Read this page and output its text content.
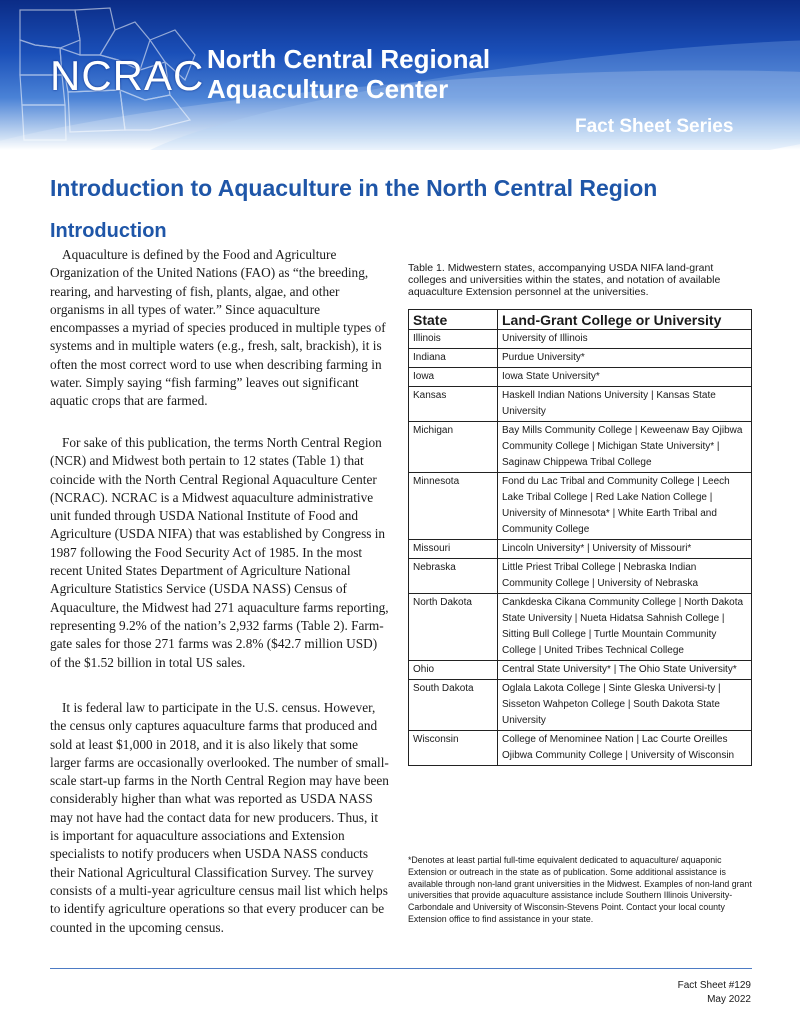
NCRAC North Central Regional
Aquaculture Center
Fact Sheet Series
Introduction to Aquaculture in the North Central Region
Introduction

Aquaculture is defined by the Food and Agriculture Organization of the United Nations (FAO) as “the breeding, rearing, and harvesting of fish, plants, algae, and other organisms in all types of water.” Since aquaculture encompasses a myriad of species produced in multiple types of systems and in multiple waters (e.g., fresh, salt, brackish), it is often the most correct word to use when describing farming in water. Simply saying “fish farming” leaves out significant aquatic crops that are farmed.

For sake of this publication, the terms North Central Region (NCR) and Midwest both pertain to 12 states (Table 1) that coincide with the North Central Regional Aquaculture Center (NCRAC). NCRAC is a Midwest aquaculture administrative unit funded through USDA National Institute of Food and Agriculture (USDA NIFA) that was established by Congress in 1987 following the Food Security Act of 1985. In the most recent United States Department of Agriculture National Agriculture Statistics Service (USDA NASS) Census of Aquaculture, the Midwest had 271 aquaculture farms reporting, representing 9.2% of the nation’s 2,932 farms (Table 2). Farm-gate sales for those 271 farms was 2.8% ($42.7 million USD) of the $1.52 billion in total US sales.

It is federal law to participate in the U.S. census. However, the census only captures aquaculture farms that produced and sold at least $1,000 in 2018, and it is also likely that some larger farms are occasionally overlooked. The number of small-scale start-up farms in the North Central Region may have been considerably higher than what was reported as USDA NASS may not have had the contact data for new producers. Thus, it is important for aquaculture associations and Extension specialists to notify producers when USDA NASS conducts their National Agricultural Classification Survey. The survey consists of a multi-year agriculture census mail list which helps to identify agriculture operations so that every producer can be counted in the upcoming census.

Table 1. Midwestern states, accompanying USDA NIFA land-grant colleges and universities within the states, and notation of available aquaculture Extension personnel at the universities.
State	Land-Grant College or University
Illinois	University of Illinois
Indiana	Purdue University*
Iowa	Iowa State University*
Kansas	Haskell Indian Nations University | Kansas State University
Michigan	Bay Mills Community College | Keweenaw Bay Ojibwa Community College | Michigan State University* | Saginaw Chippewa Tribal College
Minnesota	Fond du Lac Tribal and Community College | Leech Lake Tribal College | Red Lake Nation College | University of Minnesota* | White Earth Tribal and Community College
Missouri	Lincoln University* | University of Missouri*
Nebraska	Little Priest Tribal College | Nebraska Indian Community College | University of Nebraska
North Dakota	Cankdeska Cikana Community College | North Dakota State University | Nueta Hidatsa Sahnish College | Sitting Bull College | Turtle Mountain Community College | United Tribes Technical College
Ohio	Central State University* | The Ohio State University*
South Dakota	Oglala Lakota College | Sinte Gleska Universi-ty | Sisseton Wahpeton College | South Dakota State University
Wisconsin	College of Menominee Nation | Lac Courte Oreilles Ojibwa Community College | University of Wisconsin
*Denotes at least partial full-time equivalent dedicated to aquaculture/ aquaponic Extension or outreach in the state as of publication. Some additional assistance is available through non-land grant universities in the Midwest. Examples of non-land grant universities that provide aquaculture assistance include Southern Illinois University-Carbondale and University of Wisconsin-Stevens Point. Contact your local county Extension office to find assistance in your state.
Fact Sheet #129
May 2022
